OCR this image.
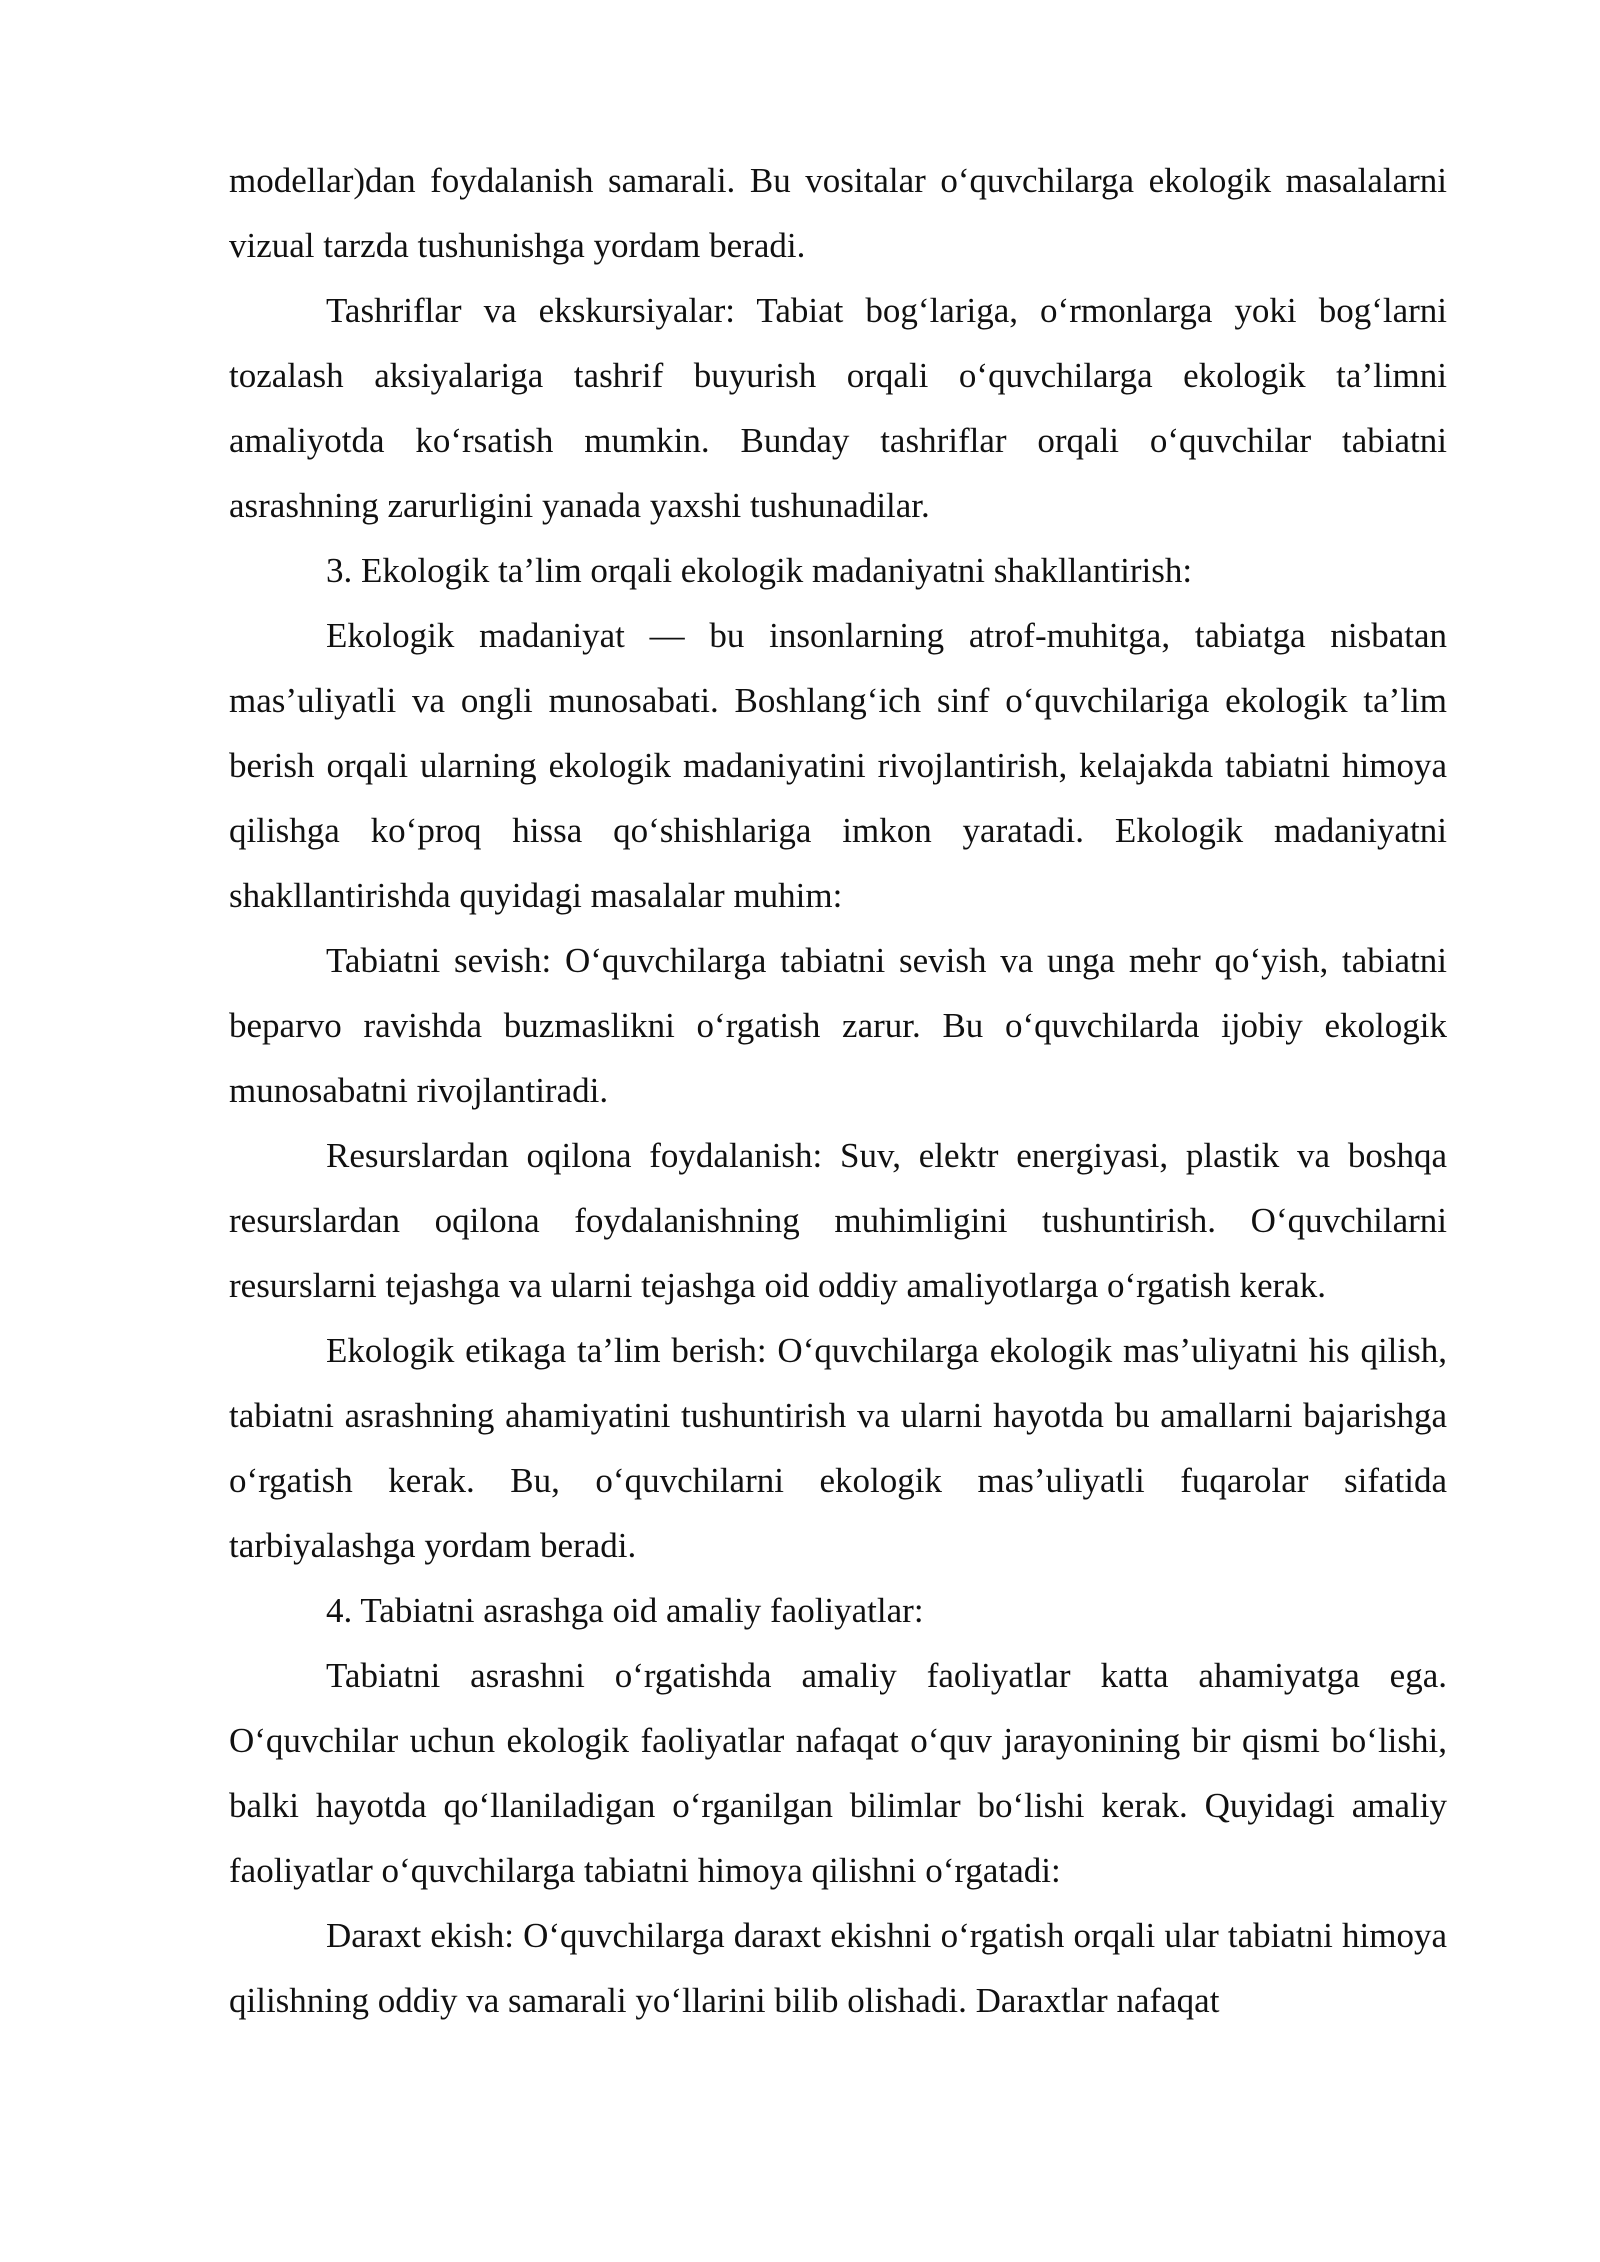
modellar)dan foydalanish samarali. Bu vositalar o‘quvchilarga ekologik masalalarni vizual tarzda tushunishga yordam beradi.

Tashriflar va ekskursiyalar: Tabiat bog‘lariga, o‘rmonlarga yoki bog‘larni tozalash aksiyalariga tashrif buyurish orqali o‘quvchilarga ekologik ta’limni amaliyotda ko‘rsatish mumkin. Bunday tashriflar orqali o‘quvchilar tabiatni asrashning zarurligini yanada yaxshi tushunadilar.

3. Ekologik ta’lim orqali ekologik madaniyatni shakllantirish:

Ekologik madaniyat — bu insonlarning atrof-muhitga, tabiatga nisbatan mas’uliyatli va ongli munosabati. Boshlang‘ich sinf o‘quvchilariga ekologik ta’lim berish orqali ularning ekologik madaniyatini rivojlantirish, kelajakda tabiatni himoya qilishga ko‘proq hissa qo‘shishlariga imkon yaratadi. Ekologik madaniyatni shakllantirishda quyidagi masalalar muhim:

Tabiatni sevish: O‘quvchilarga tabiatni sevish va unga mehr qo‘yish, tabiatni beparvo ravishda buzmaslikni o‘rgatish zarur. Bu o‘quvchilarda ijobiy ekologik munosabatni rivojlantiradi.

Resurslardan oqilona foydalanish: Suv, elektr energiyasi, plastik va boshqa resurslardan oqilona foydalanishning muhimligini tushuntirish. O‘quvchilarni resurslarni tejashga va ularni tejashga oid oddiy amaliyotlarga o‘rgatish kerak.

Ekologik etikaga ta’lim berish: O‘quvchilarga ekologik mas’uliyatni his qilish, tabiatni asrashning ahamiyatini tushuntirish va ularni hayotda bu amallarni bajarishga o‘rgatish kerak. Bu, o‘quvchilarni ekologik mas’uliyatli fuqarolar sifatida tarbiyalashga yordam beradi.

4. Tabiatni asrashga oid amaliy faoliyatlar:

Tabiatni asrashni o‘rgatishda amaliy faoliyatlar katta ahamiyatga ega. O‘quvchilar uchun ekologik faoliyatlar nafaqat o‘quv jarayonining bir qismi bo‘lishi, balki hayotda qo‘llaniladigan o‘rganilgan bilimlar bo‘lishi kerak. Quyidagi amaliy faoliyatlar o‘quvchilarga tabiatni himoya qilishni o‘rgatadi:

Daraxt ekish: O‘quvchilarga daraxt ekishni o‘rgatish orqali ular tabiatni himoya qilishning oddiy va samarali yo‘llarini bilib olishadi. Daraxtlar nafaqat
